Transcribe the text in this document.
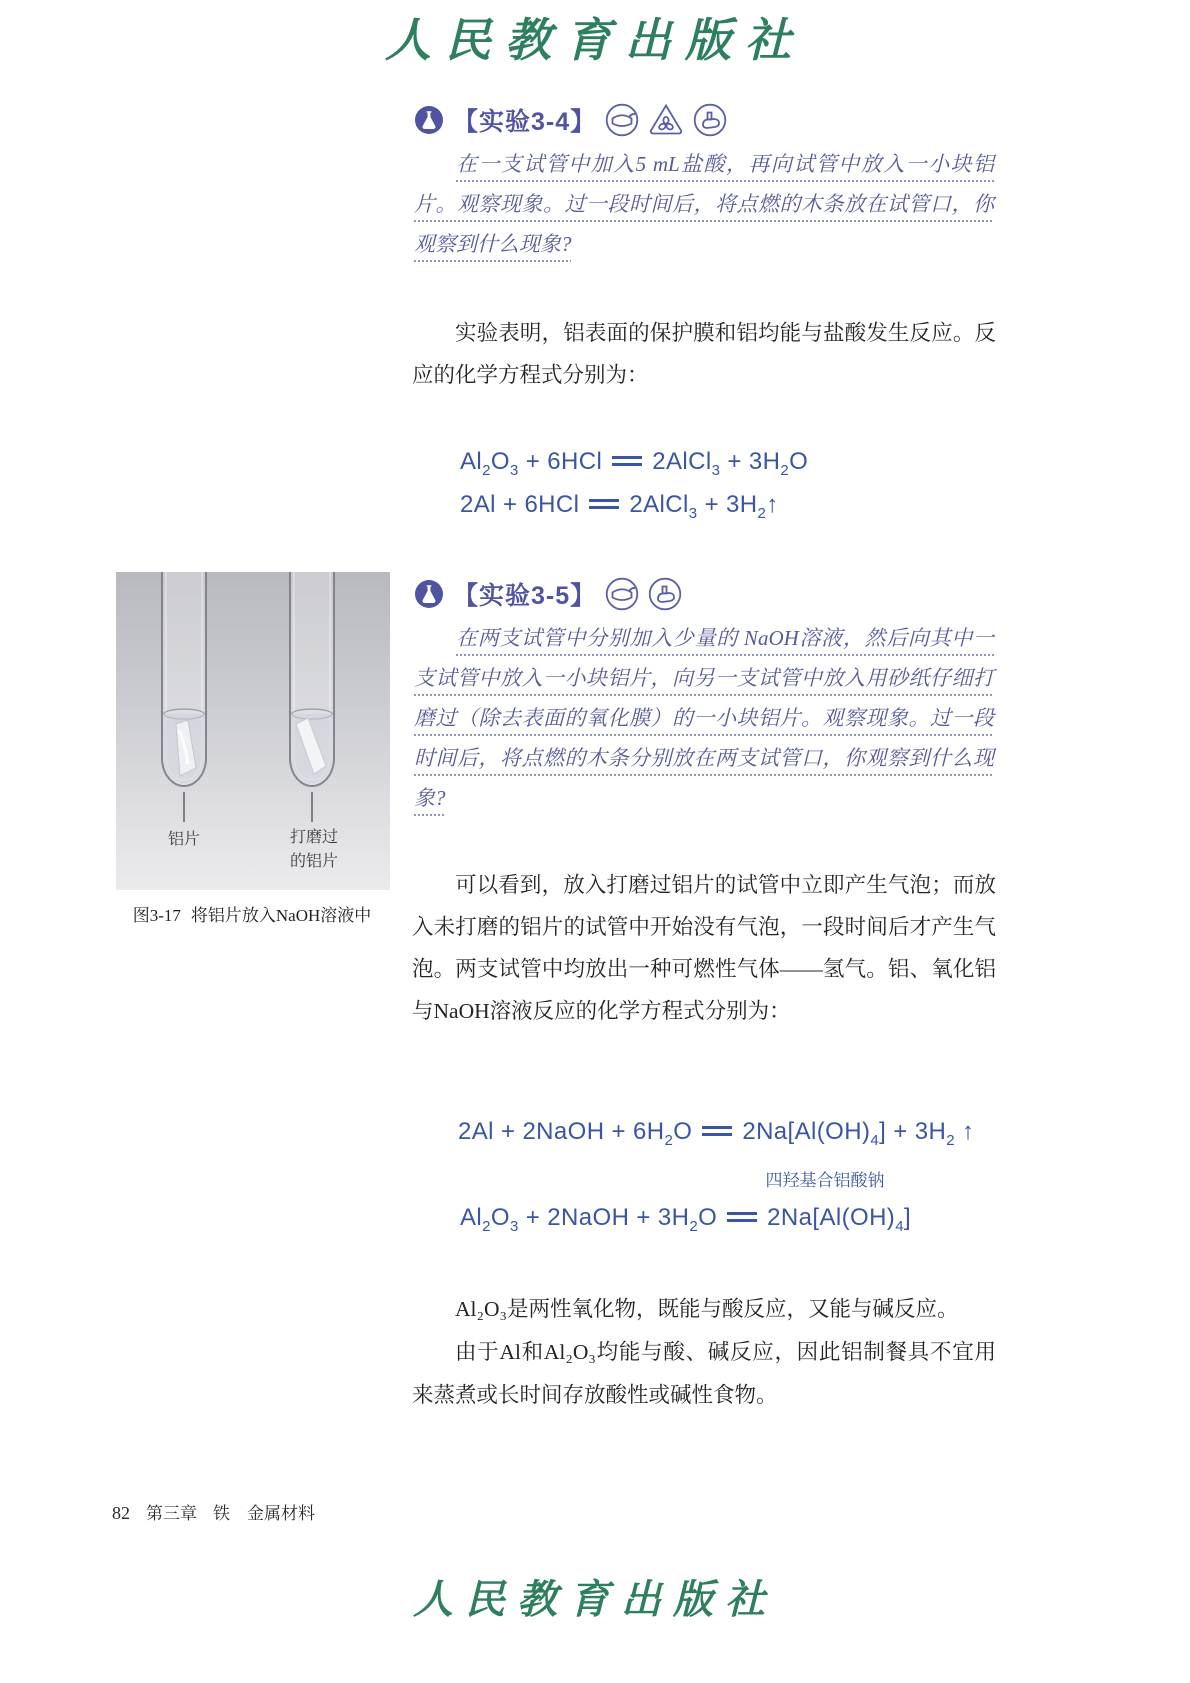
人民教育出版社
【实验3-4】

在一支试管中加入5 mL盐酸，再向试管中放入一小块铝片。观察现象。过一段时间后，将点燃的木条放在试管口，你观察到什么现象?

实验表明，铝表面的保护膜和铝均能与盐酸发生反应。反应的化学方程式分别为：

$Al_2O_3 + 6HCl$ 2AlCl$_3$ + $3H_2O$

2Al + 6HCl 2AlCl$_3$ + $3H_2↑$

铝片	打磨过
的铝片

图3-17 将铝片放入NaOH溶液中

【实验3-5】

在两支试管中分别加入少量的 NaOH溶液，然后向其中一支试管中放入一小块铝片，向另一支试管中放入用砂纸仔细打磨过（除去表面的氧化膜）的一小块铝片。观察现象。过一段时间后，将点燃的木条分别放在两支试管口，你观察到什么现象?

可以看到，放入打磨过铝片的试管中立即产生气泡；而放入未打磨的铝片的试管中开始没有气泡，一段时间后才产生气泡。两支试管中均放出一种可燃性气体——氢气。铝、氧化铝与NaOH溶液反应的化学方程式分别为：

2Al + 2NaOH + $6H_2O$ $2Na[Al(OH)_4] + 3H_2$ ↑

四羟基合铝酸钠

$Al_2O_3$ + 2NaOH + $3H_2O$ $2Na[Al(OH)_4]$

Al₂O₃是两性氧化物，既能与酸反应，又能与碱反应。

由于Al和Al₂O₃均能与酸、碱反应，因此铝制餐具不宜用来蒸煮或长时间存放酸性或碱性食物。

82 第三章 铁　金属材料
人民教育出版社
